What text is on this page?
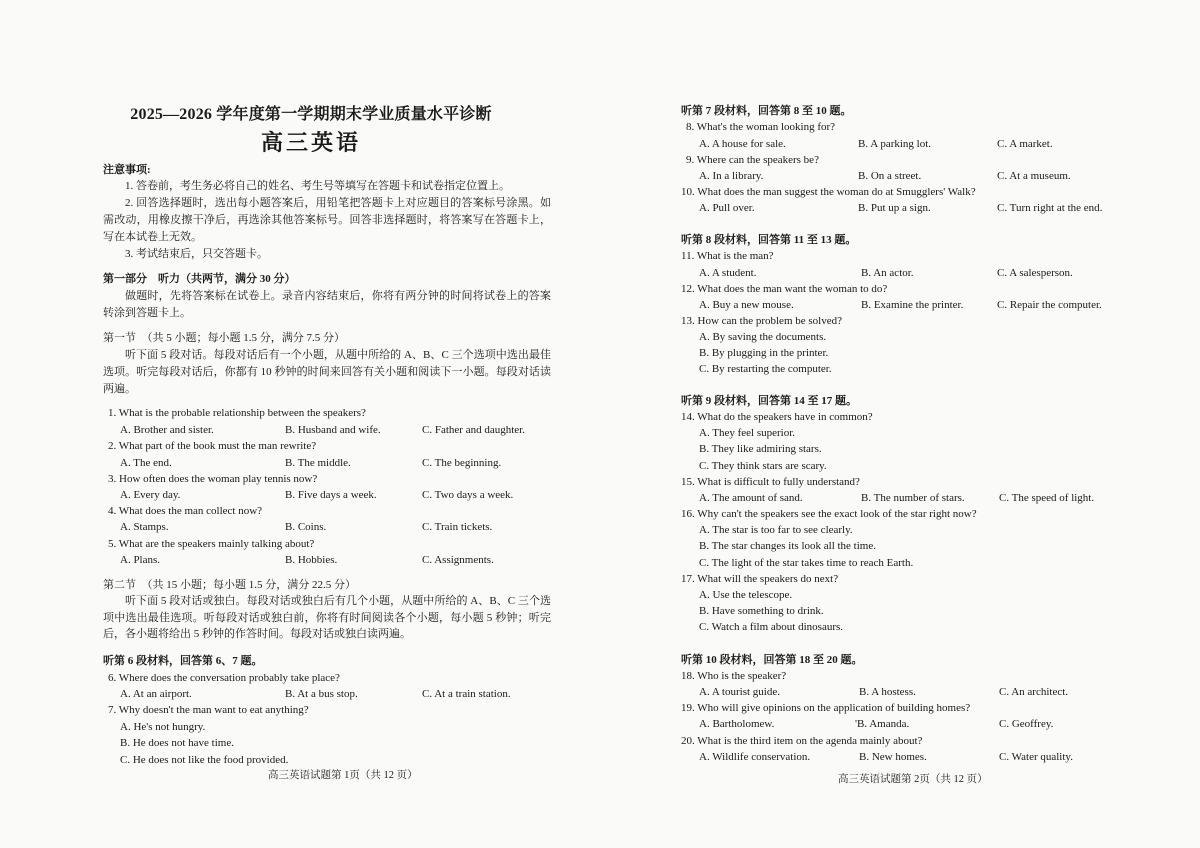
2025—2026 学年度第一学期期末学业质量水平诊断
高三英语
注意事项:
1. 答卷前，考生务必将自己的姓名、考生号等填写在答题卡和试卷指定位置上。
2. 回答选择题时，选出每小题答案后，用铅笔把答题卡上对应题目的答案标号涂黑。如需改动，用橡皮擦干净后，再选涂其他答案标号。回答非选择题时，将答案写在答题卡上，写在本试卷上无效。
3. 考试结束后，只交答题卡。
第一部分　听力（共两节，满分 30 分）
做题时，先将答案标在试卷上。录音内容结束后，你将有两分钟的时间将试卷上的答案转涂到答题卡上。
第一节　（共 5 小题；每小题 1.5 分，满分 7.5 分）
听下面 5 段对话。每段对话后有一个小题，从题中所给的 A、B、C 三个选项中选出最佳选项。听完每段对话后，你都有 10 秒钟的时间来回答有关小题和阅读下一小题。每段对话读两遍。
1. What is the probable relationship between the speakers?
A. Brother and sister.	B. Husband and wife.	C. Father and daughter.
2. What part of the book must the man rewrite?
A. The end.	B. The middle.	C. The beginning.
3. How often does the woman play tennis now?
A. Every day.	B. Five days a week.	C. Two days a week.
4. What does the man collect now?
A. Stamps.	B. Coins.	C. Train tickets.
5. What are the speakers mainly talking about?
A. Plans.	B. Hobbies.	C. Assignments.
第二节　（共 15 小题；每小题 1.5 分，满分 22.5 分）
听下面 5 段对话或独白。每段对话或独白后有几个小题，从题中所给的 A、B、C 三个选项中选出最佳选项。听每段对话或独白前，你将有时间阅读各个小题，每小题 5 秒钟；听完后，各小题将给出 5 秒钟的作答时间。每段对话或独白读两遍。
听第 6 段材料，回答第 6、7 题。
6. Where does the conversation probably take place?
A. At an airport.	B. At a bus stop.	C. At a train station.
7. Why doesn't the man want to eat anything?
A. He's not hungry.
B. He does not have time.
C. He does not like the food provided.
高三英语试题第 1页（共 12 页）
听第 7 段材料，回答第 8 至 10 题。
8. What's the woman looking for?
A. A house for sale.	B. A parking lot.	C. A market.
9. Where can the speakers be?
A. In a library.	B. On a street.	C. At a museum.
10. What does the man suggest the woman do at Smugglers' Walk?
A. Pull over.	B. Put up a sign.	C. Turn right at the end.
听第 8 段材料，回答第 11 至 13 题。
11. What is the man?
A. A student.	B. An actor.	C. A salesperson.
12. What does the man want the woman to do?
A. Buy a new mouse.	B. Examine the printer.	C. Repair the computer.
13. How can the problem be solved?
A. By saving the documents.
B. By plugging in the printer.
C. By restarting the computer.
听第 9 段材料，回答第 14 至 17 题。
14. What do the speakers have in common?
A. They feel superior.
B. They like admiring stars.
C. They think stars are scary.
15. What is difficult to fully understand?
A. The amount of sand.	B. The number of stars.	C. The speed of light.
16. Why can't the speakers see the exact look of the star right now?
A. The star is too far to see clearly.
B. The star changes its look all the time.
C. The light of the star takes time to reach Earth.
17. What will the speakers do next?
A. Use the telescope.
B. Have something to drink.
C. Watch a film about dinosaurs.
听第 10 段材料，回答第 18 至 20 题。
18. Who is the speaker?
A. A tourist guide.	B. A hostess.	C. An architect.
19. Who will give opinions on the application of building homes?
A. Bartholomew.	'B. Amanda.	C. Geoffrey.
20. What is the third item on the agenda mainly about?
A. Wildlife conservation.	B. New homes.	C. Water quality.
高三英语试题第 2页（共 12 页）
